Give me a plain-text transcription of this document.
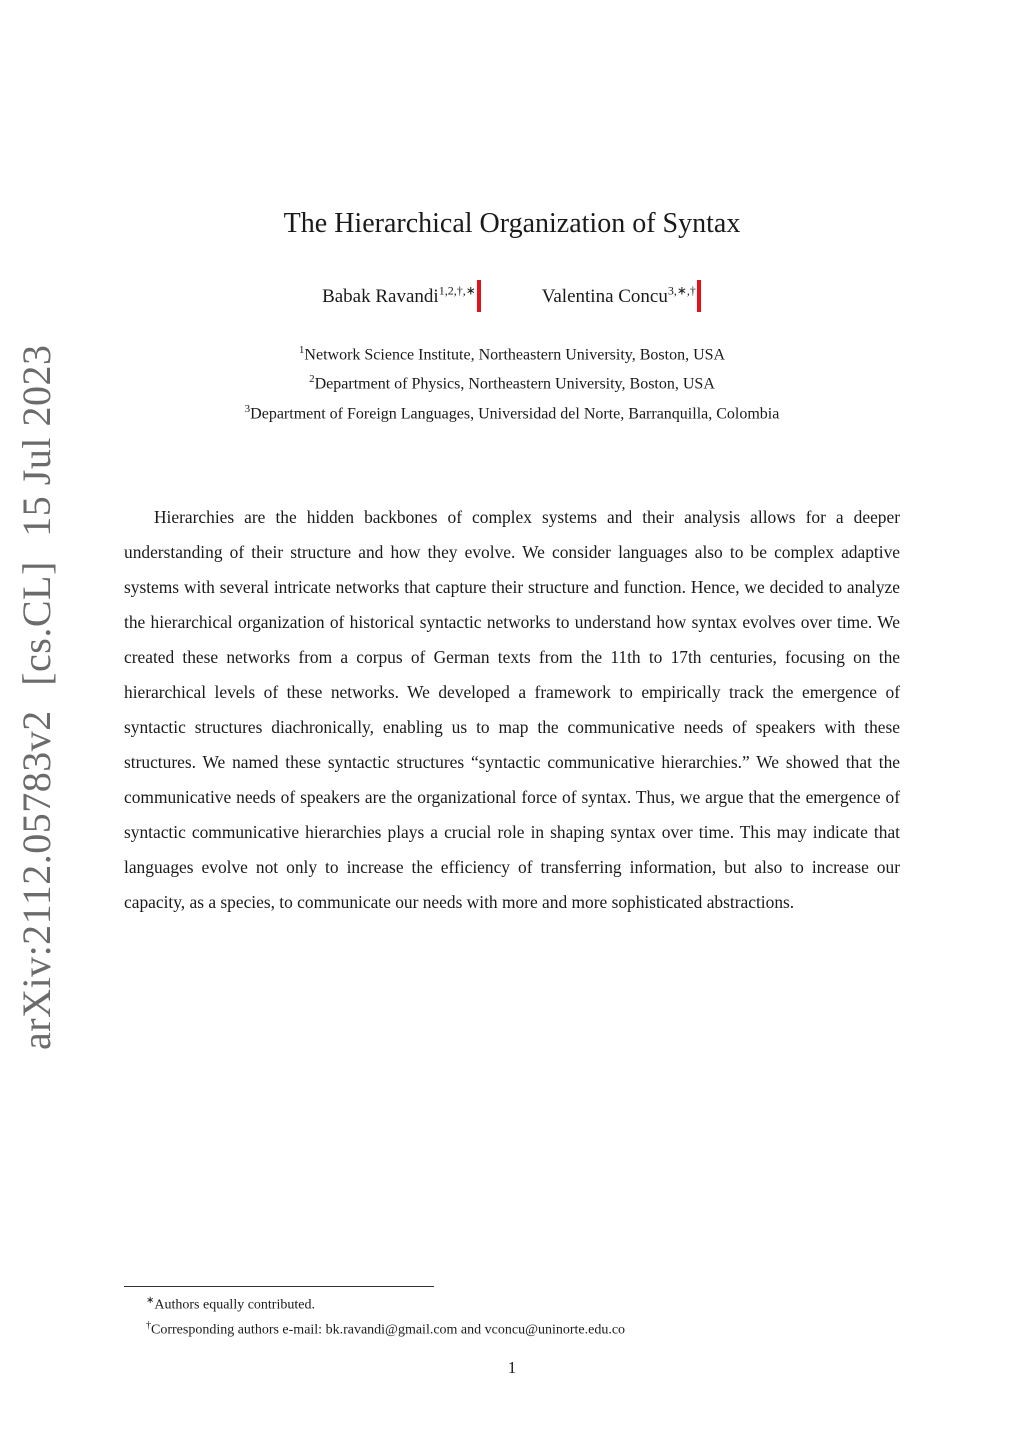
arXiv:2112.05783v2 [cs.CL] 15 Jul 2023
The Hierarchical Organization of Syntax
Babak Ravandi$^{1,2,\dagger,∗}$	Valentina Concu$^{3,∗,\dagger}$
$^1$Network Science Institute, Northeastern University, Boston, USA
$^2$Department of Physics, Northeastern University, Boston, USA
$^3$Department of Foreign Languages, Universidad del Norte, Barranquilla, Colombia

Hierarchies are the hidden backbones of complex systems and their analysis allows for a deeper understanding of their structure and how they evolve. We consider languages also to be complex adaptive systems with several intricate networks that capture their structure and function. Hence, we decided to analyze the hierarchical organization of historical syntactic networks to understand how syntax evolves over time. We created these networks from a corpus of German texts from the 11th to 17th centuries, focusing on the hierarchical levels of these networks. We developed a framework to empirically track the emergence of syntactic structures diachronically, enabling us to map the communicative needs of speakers with these structures. We named these syntactic structures “syntactic communicative hierarchies.” We showed that the communicative needs of speakers are the organizational force of syntax. Thus, we argue that the emergence of syntactic communicative hierarchies plays a crucial role in shaping syntax over time. This may indicate that languages evolve not only to increase the efficiency of transferring information, but also to increase our capacity, as a species, to communicate our needs with more and more sophisticated abstractions.

∗Authors equally contributed.
†Corresponding authors e-mail: bk.ravandi@gmail.com and vconcu@uninorte.edu.co
1
